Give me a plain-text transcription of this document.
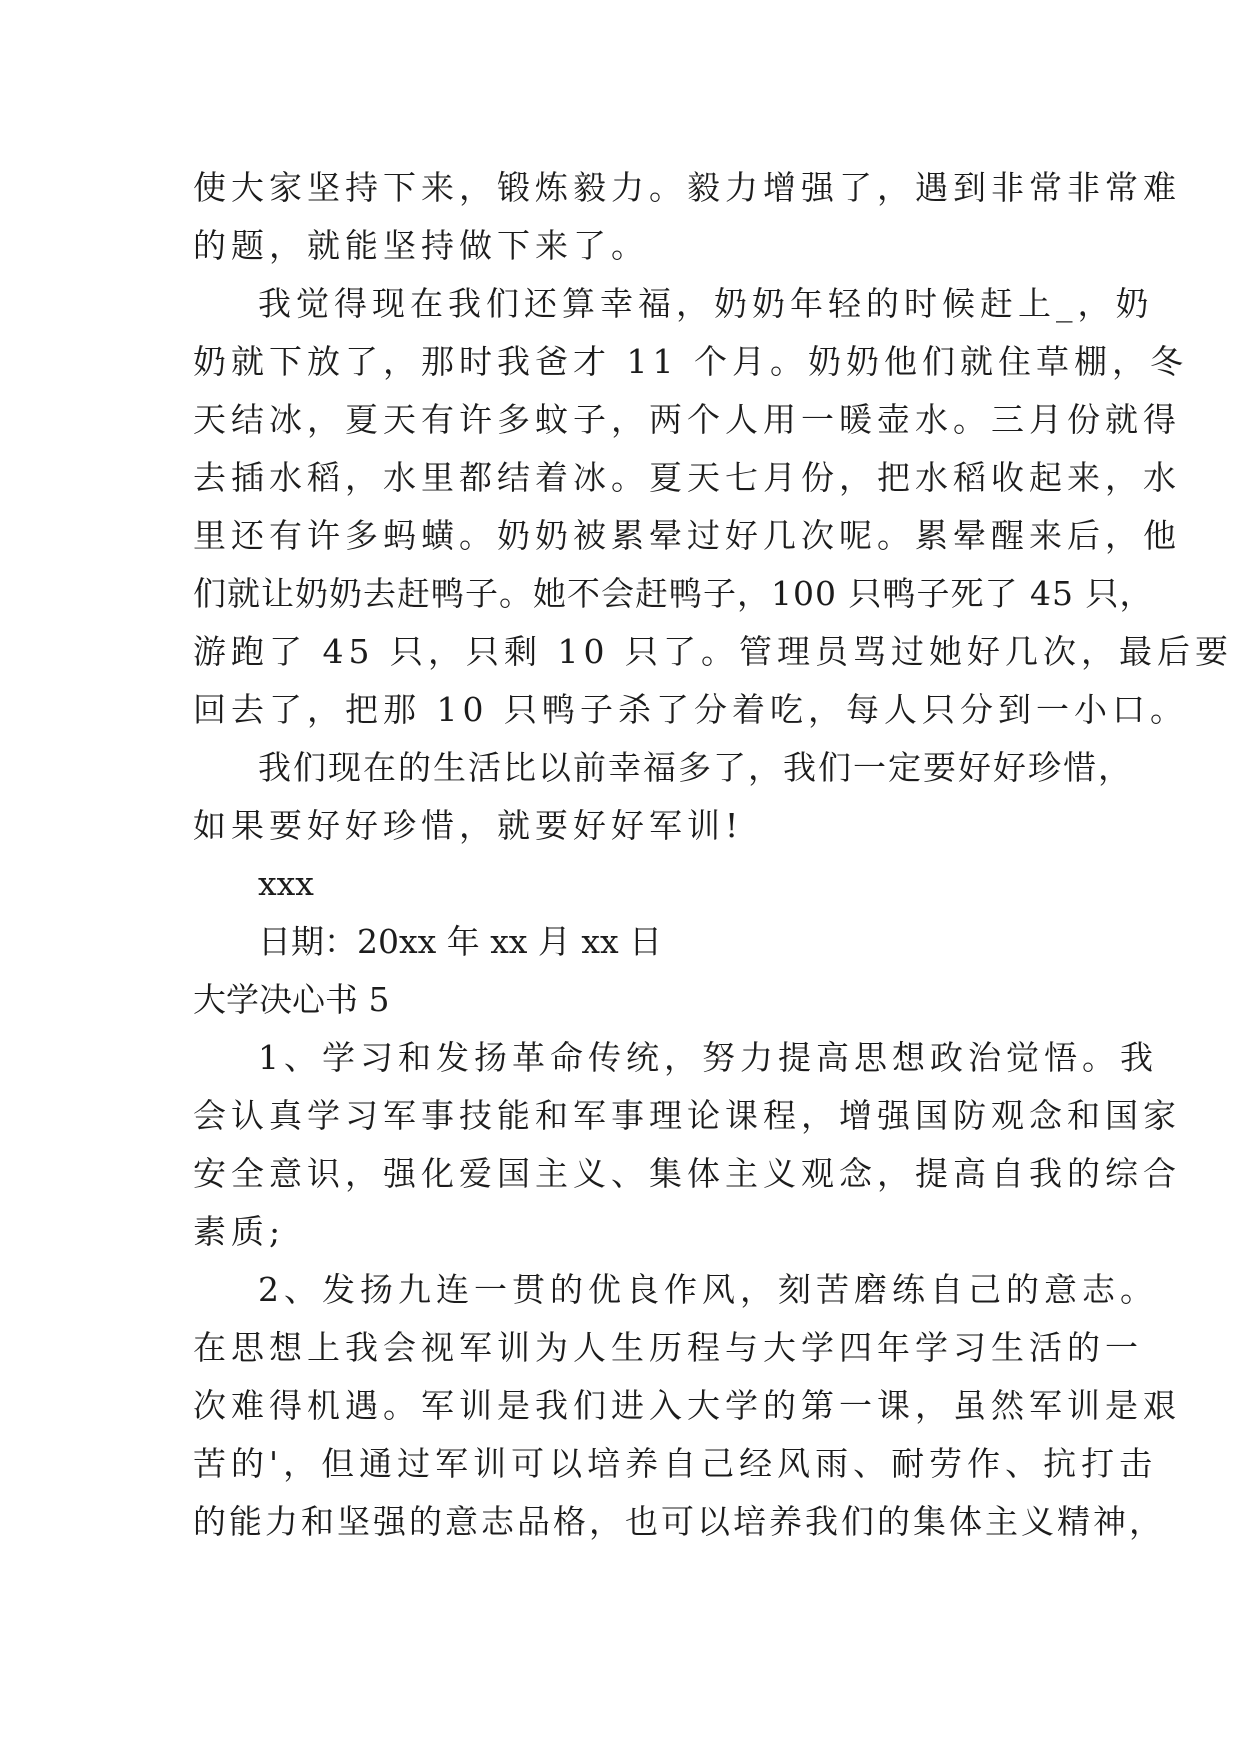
使大家坚持下来，锻炼毅力。毅力增强了，遇到非常非常难
的题，就能坚持做下来了。
我觉得现在我们还算幸福，奶奶年轻的时候赶上_，奶
奶就下放了，那时我爸才 11 个月。奶奶他们就住草棚，冬
天结冰，夏天有许多蚊子，两个人用一暖壶水。三月份就得
去插水稻，水里都结着冰。夏天七月份，把水稻收起来，水
里还有许多蚂蟥。奶奶被累晕过好几次呢。累晕醒来后，他
们就让奶奶去赶鸭子。她不会赶鸭子，100 只鸭子死了 45 只，
游跑了 45 只，只剩 10 只了。管理员骂过她好几次，最后要
回去了，把那 10 只鸭子杀了分着吃，每人只分到一小口。
我们现在的生活比以前幸福多了，我们一定要好好珍惜，
如果要好好珍惜，就要好好军训!
xxx
日期：20xx 年 xx 月 xx 日
大学决心书 5
1、学习和发扬革命传统，努力提高思想政治觉悟。我
会认真学习军事技能和军事理论课程，增强国防观念和国家
安全意识，强化爱国主义、集体主义观念，提高自我的综合
素质;
2、发扬九连一贯的优良作风，刻苦磨练自己的意志。
在思想上我会视军训为人生历程与大学四年学习生活的一
次难得机遇。军训是我们进入大学的第一课，虽然军训是艰
苦的'，但通过军训可以培养自己经风雨、耐劳作、抗打击
的能力和坚强的意志品格，也可以培养我们的集体主义精神，
